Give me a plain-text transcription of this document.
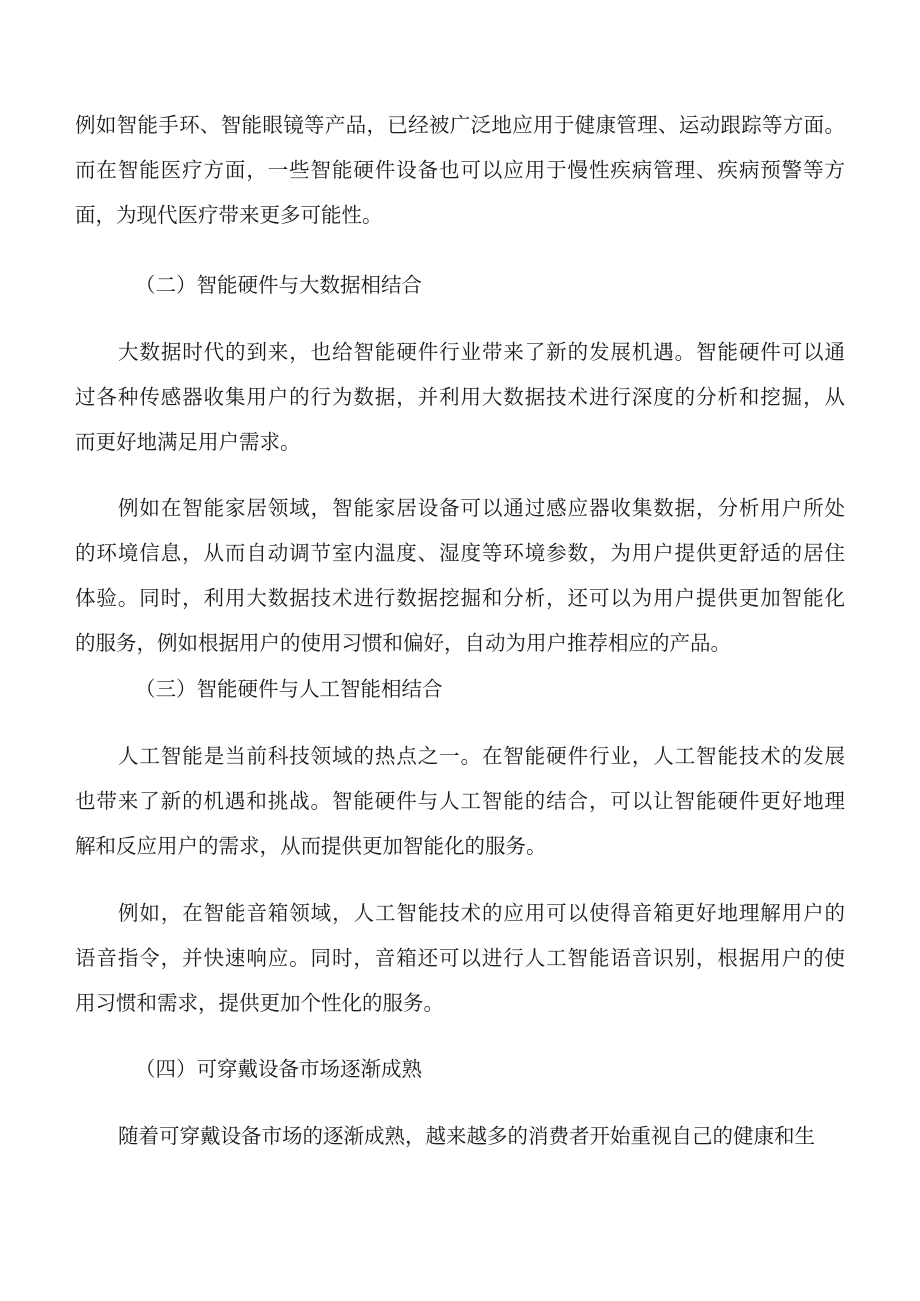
例如智能手环、智能眼镜等产品，已经被广泛地应用于健康管理、运动跟踪等方面。
而在智能医疗方面，一些智能硬件设备也可以应用于慢性疾病管理、疾病预警等方
面，为现代医疗带来更多可能性。
（二）智能硬件与大数据相结合
大数据时代的到来，也给智能硬件行业带来了新的发展机遇。智能硬件可以通
过各种传感器收集用户的行为数据，并利用大数据技术进行深度的分析和挖掘，从
而更好地满足用户需求。
例如在智能家居领域，智能家居设备可以通过感应器收集数据，分析用户所处
的环境信息，从而自动调节室内温度、湿度等环境参数，为用户提供更舒适的居住
体验。同时，利用大数据技术进行数据挖掘和分析，还可以为用户提供更加智能化
的服务，例如根据用户的使用习惯和偏好，自动为用户推荐相应的产品。
（三）智能硬件与人工智能相结合
人工智能是当前科技领域的热点之一。在智能硬件行业，人工智能技术的发展
也带来了新的机遇和挑战。智能硬件与人工智能的结合，可以让智能硬件更好地理
解和反应用户的需求，从而提供更加智能化的服务。
例如，在智能音箱领域，人工智能技术的应用可以使得音箱更好地理解用户的
语音指令，并快速响应。同时，音箱还可以进行人工智能语音识别，根据用户的使
用习惯和需求，提供更加个性化的服务。
（四）可穿戴设备市场逐渐成熟
随着可穿戴设备市场的逐渐成熟，越来越多的消费者开始重视自己的健康和生
